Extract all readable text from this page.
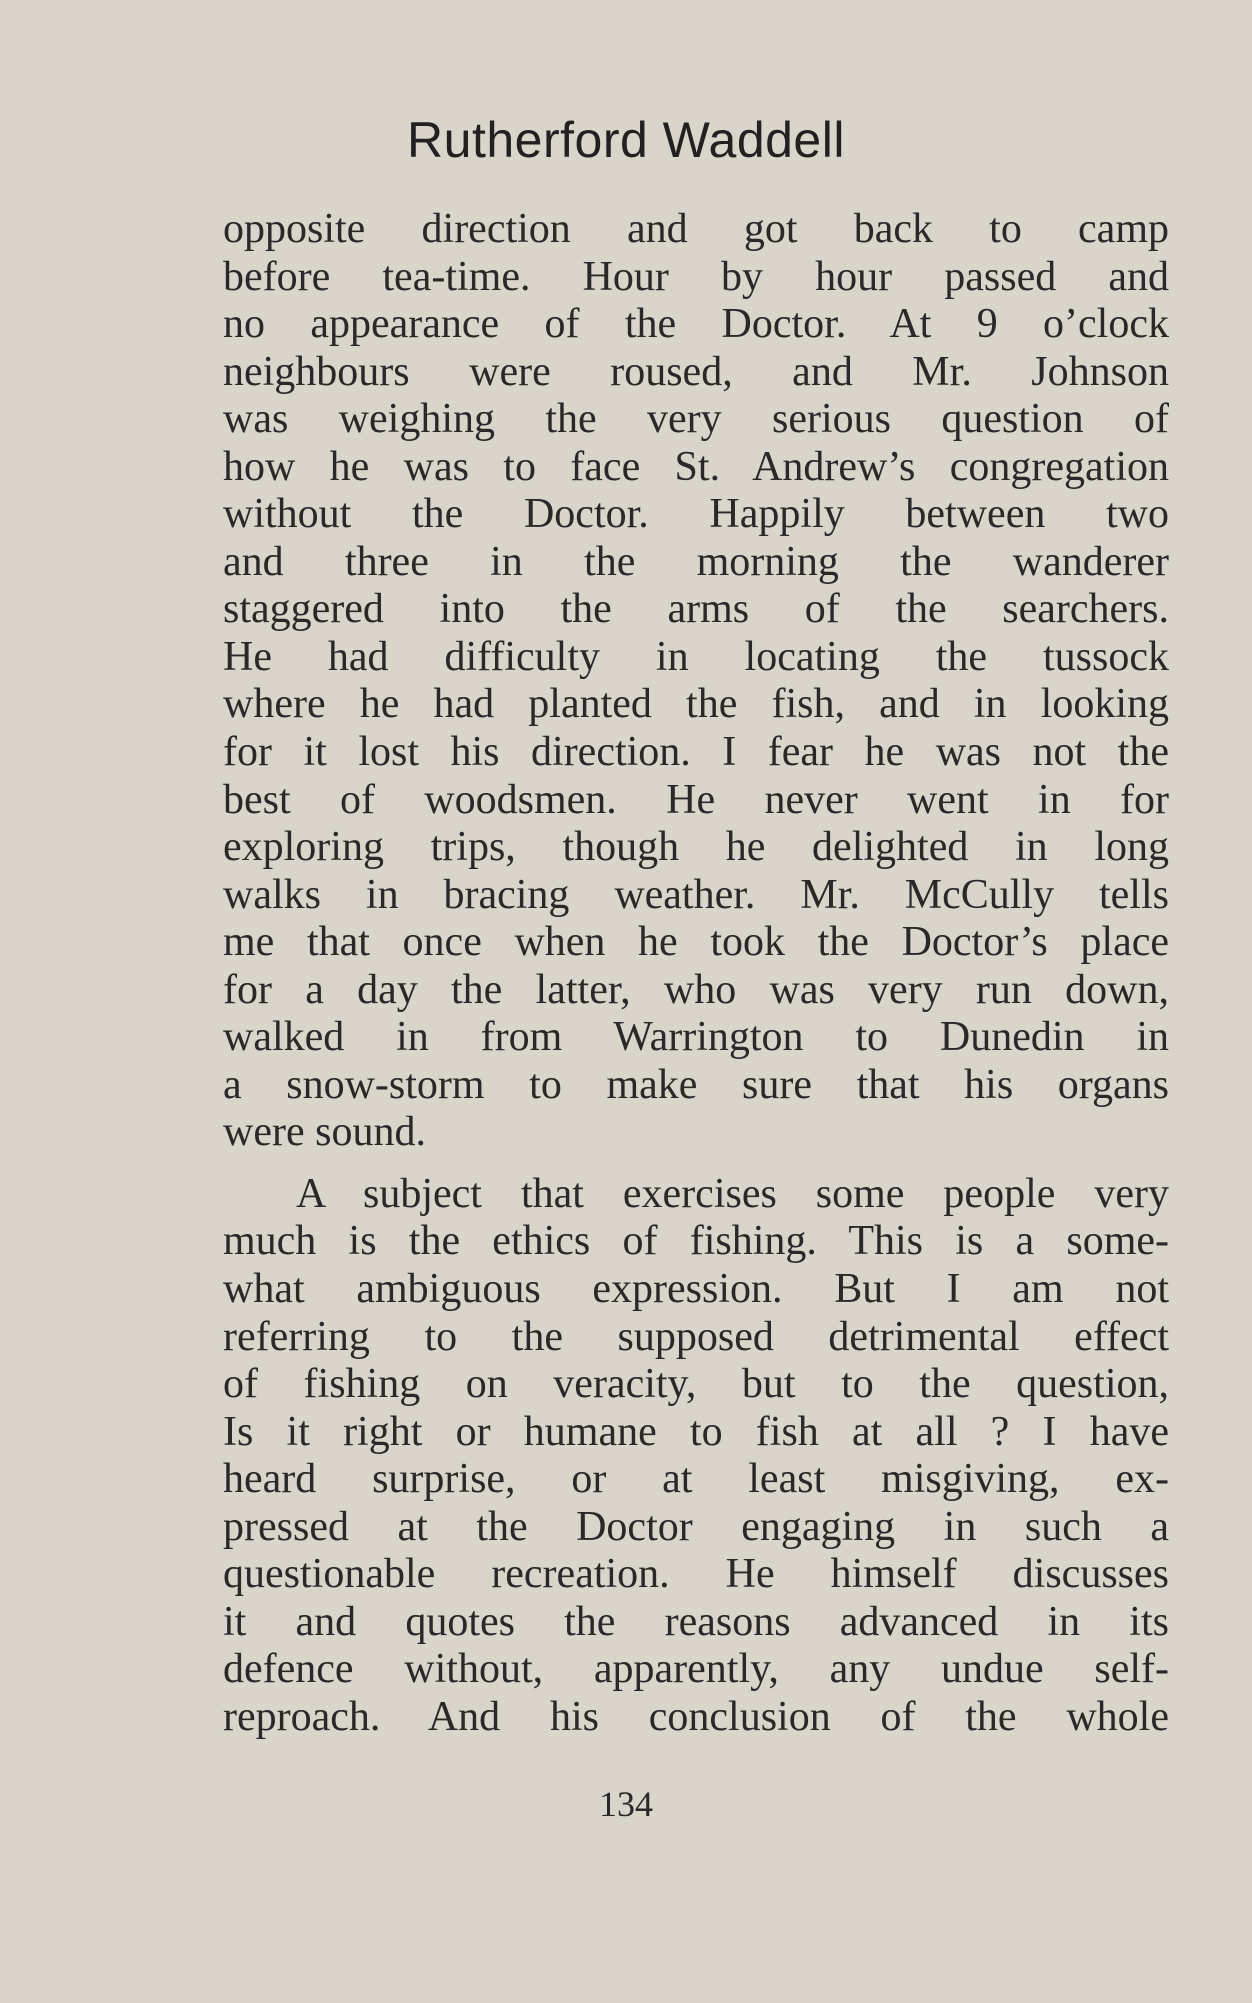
Rutherford Waddell
opposite direction and got back to camp
before tea-time. Hour by hour passed and
no appearance of the Doctor. At 9 o’clock
neighbours were roused, and Mr. Johnson
was weighing the very serious question of
how he was to face St. Andrew’s congregation
without the Doctor. Happily between two
and three in the morning the wanderer
staggered into the arms of the searchers.
He had difficulty in locating the tussock
where he had planted the fish, and in looking
for it lost his direction. I fear he was not the
best of woodsmen. He never went in for
exploring trips, though he delighted in long
walks in bracing weather. Mr. McCully tells
me that once when he took the Doctor’s place
for a day the latter, who was very run down,
walked in from Warrington to Dunedin in
a snow-storm to make sure that his organs
were sound.
A subject that exercises some people very
much is the ethics of fishing. This is a some-
what ambiguous expression. But I am not
referring to the supposed detrimental effect
of fishing on veracity, but to the question,
Is it right or humane to fish at all ? I have
heard surprise, or at least misgiving, ex-
pressed at the Doctor engaging in such a
questionable recreation. He himself discusses
it and quotes the reasons advanced in its
defence without, apparently, any undue self-
reproach. And his conclusion of the whole
134
